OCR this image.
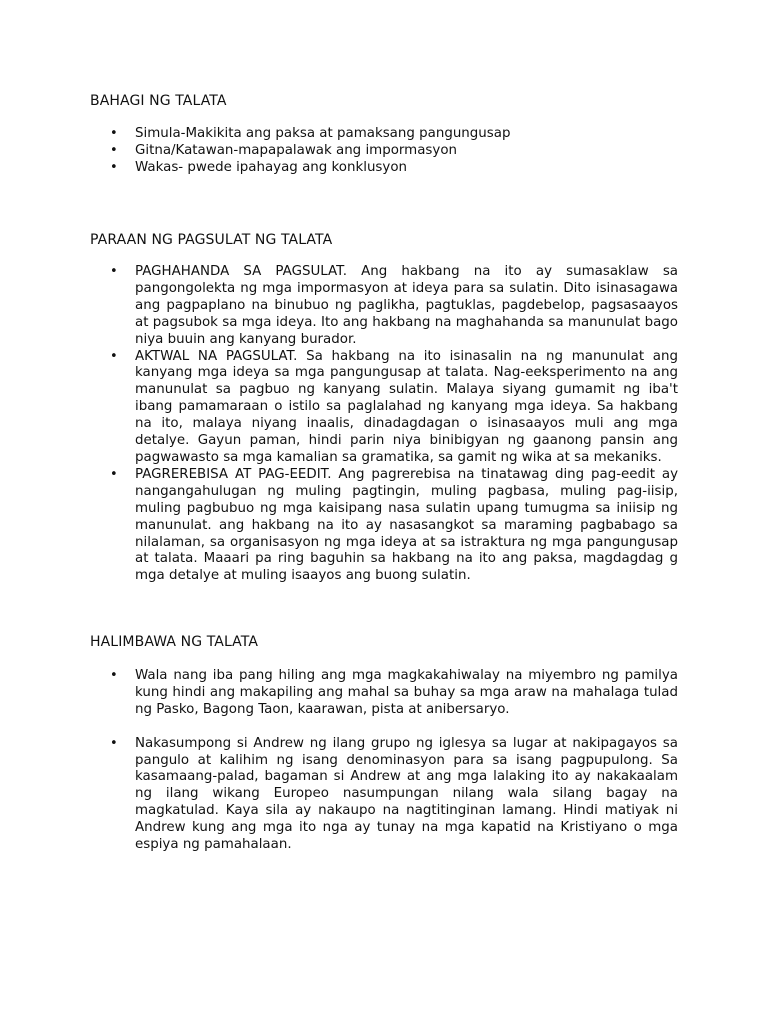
BAHAGI NG TALATA
•	Simula-Makikita ang paksa at pamaksang pangungusap
•	Gitna/Katawan-mapapalawak ang impormasyon
•	Wakas- pwede ipahayag ang konklusyon
PARAAN NG PAGSULAT NG TALATA
•	PAGHAHANDA SA PAGSULAT. Ang hakbang na ito ay sumasaklaw sa pangongolekta ng mga impormasyon at ideya para sa sulatin. Dito isinasagawa ang pagpaplano na binubuo ng paglikha, pagtuklas, pagdebelop, pagsasaayos at pagsubok sa mga ideya. Ito ang hakbang na maghahanda sa manunulat bago niya buuin ang kanyang burador.
•	AKTWAL NA PAGSULAT. Sa hakbang na ito isinasalin na ng manunulat ang kanyang mga ideya sa mga pangungusap at talata. Nag-eeksperimento na ang manunulat sa pagbuo ng kanyang sulatin. Malaya siyang gumamit ng iba't ibang pamamaraan o istilo sa paglalahad ng kanyang mga ideya. Sa hakbang na ito, malaya niyang inaalis, dinadagdagan o isinasaayos muli ang mga detalye. Gayun paman, hindi parin niya binibigyan ng gaanong pansin ang pagwawasto sa mga kamalian sa gramatika, sa gamit ng wika at sa mekaniks.
•	PAGREREBISA AT PAG-EEDIT. Ang pagrerebisa na tinatawag ding pag-eedit ay nangangahulugan ng muling pagtingin, muling pagbasa, muling pag-iisip, muling pagbubuo ng mga kaisipang nasa sulatin upang tumugma sa iniisip ng manunulat. ang hakbang na ito ay nasasangkot sa maraming pagbabago sa nilalaman, sa organisasyon ng mga ideya at sa istraktura ng mga pangungusap at talata. Maaari pa ring baguhin sa hakbang na ito ang paksa, magdagdag g mga detalye at muling isaayos ang buong sulatin.
HALIMBAWA NG TALATA
•	Wala nang iba pang hiling ang mga magkakahiwalay na miyembro ng pamilya kung hindi ang makapiling ang mahal sa buhay sa mga araw na mahalaga tulad ng Pasko, Bagong Taon, kaarawan, pista at anibersaryo.
•	Nakasumpong si Andrew ng ilang grupo ng iglesya sa lugar at nakipagayos sa pangulo at kalihim ng isang denominasyon para sa isang pagpupulong. Sa kasamaang-palad, bagaman si Andrew at ang mga lalaking ito ay nakakaalam ng ilang wikang Europeo nasumpungan nilang wala silang bagay na magkatulad. Kaya sila ay nakaupo na nagtitinginan lamang. Hindi matiyak ni Andrew kung ang mga ito nga ay tunay na mga kapatid na Kristiyano o mga espiya ng pamahalaan.
